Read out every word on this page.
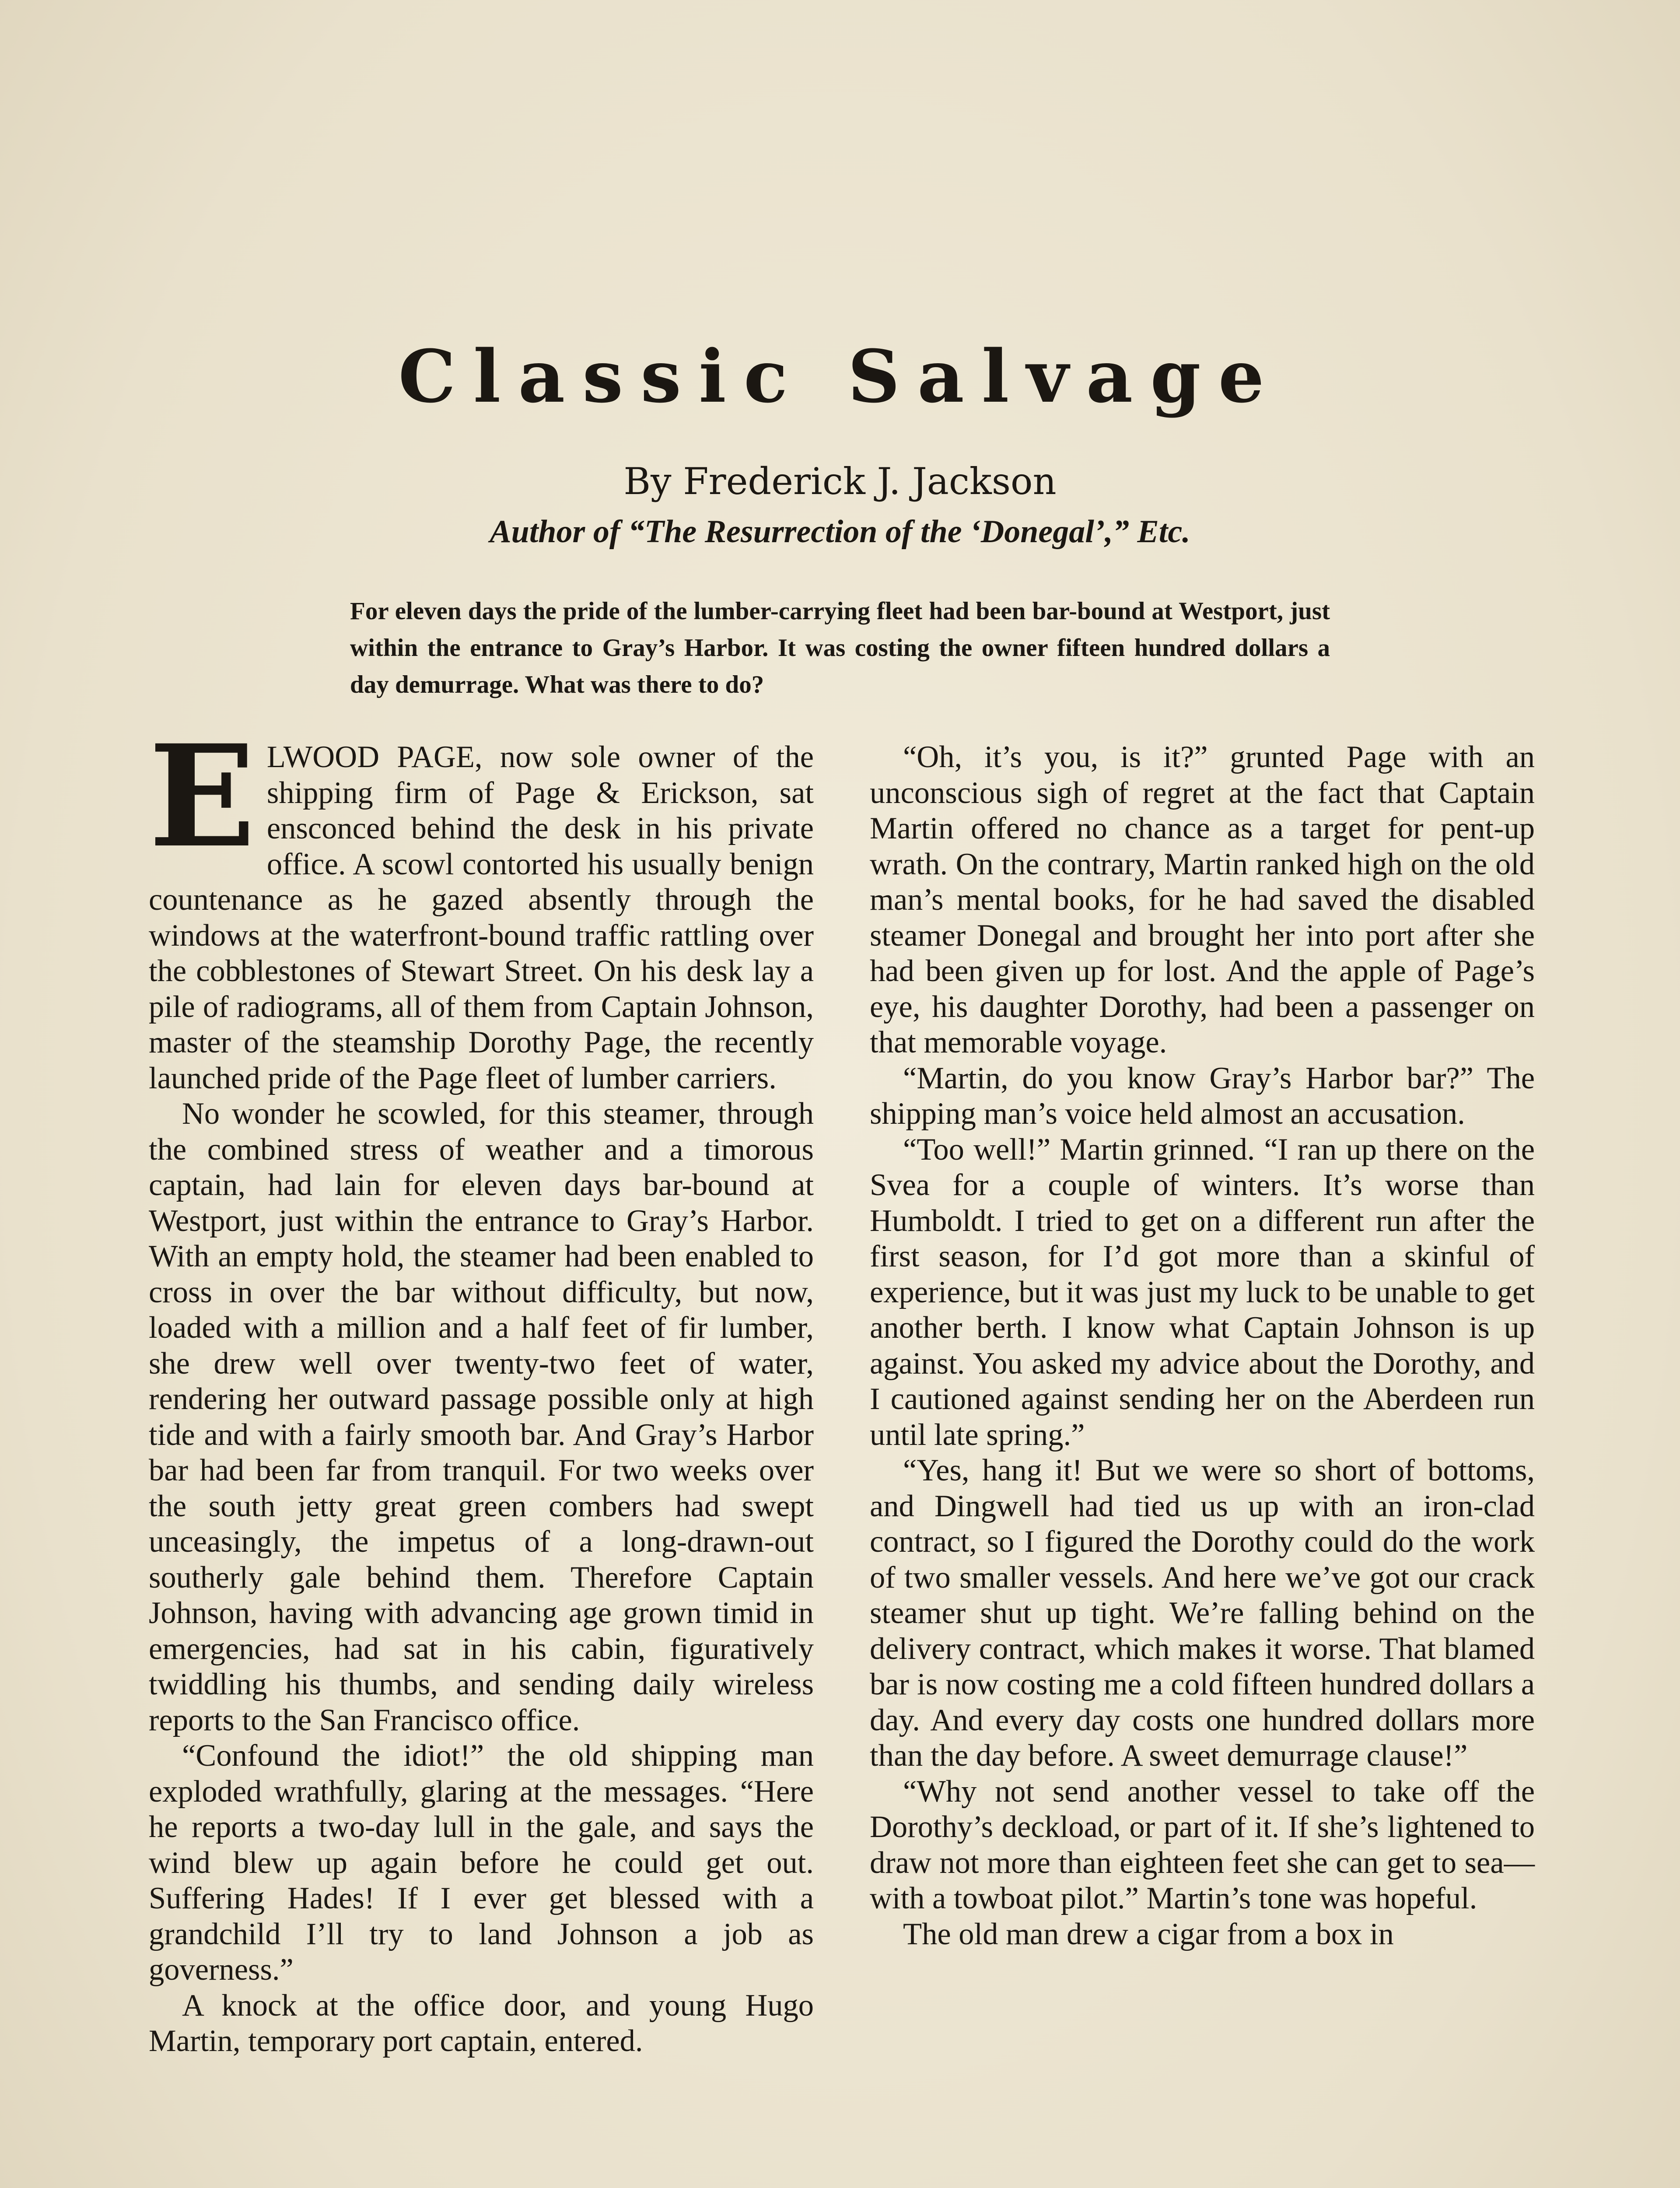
Classic Salvage
By Frederick J. Jackson
Author of “The Resurrection of the ‘Donegal’,” Etc.
For eleven days the pride of the lumber-carrying fleet had been bar-bound at Westport, just within the entrance to Gray’s Harbor. It was costing the owner fifteen hundred dollars a day demurrage. What was there to do?

E LWOOD PAGE, now sole owner of the shipping firm of Page & Erickson, sat ensconced behind the desk in his private office. A scowl contorted his usually benign countenance as he gazed absently through the windows at the waterfront-bound traffic rattling over the cobblestones of Stewart Street. On his desk lay a pile of radiograms, all of them from Captain Johnson, master of the steamship Dorothy Page, the recently launched pride of the Page fleet of lumber carriers.

No wonder he scowled, for this steamer, through the combined stress of weather and a timorous captain, had lain for eleven days bar-bound at Westport, just within the entrance to Gray’s Harbor. With an empty hold, the steamer had been enabled to cross in over the bar without difficulty, but now, loaded with a million and a half feet of fir lumber, she drew well over twenty-two feet of water, rendering her outward passage possible only at high tide and with a fairly smooth bar. And Gray’s Harbor bar had been far from tranquil. For two weeks over the south jetty great green combers had swept unceasingly, the impetus of a long-drawn-out southerly gale behind them. Therefore Captain Johnson, having with advancing age grown timid in emergencies, had sat in his cabin, figuratively twiddling his thumbs, and sending daily wireless reports to the San Francisco office.

“Confound the idiot!” the old shipping man exploded wrathfully, glaring at the messages. “Here he reports a two-day lull in the gale, and says the wind blew up again before he could get out. Suffering Hades! If I ever get blessed with a grandchild I’ll try to land Johnson a job as governess.”

A knock at the office door, and young Hugo Martin, temporary port captain, entered.

“Oh, it’s you, is it?” grunted Page with an unconscious sigh of regret at the fact that Captain Martin offered no chance as a target for pent-up wrath. On the contrary, Martin ranked high on the old man’s mental books, for he had saved the disabled steamer Donegal and brought her into port after she had been given up for lost. And the apple of Page’s eye, his daughter Dorothy, had been a passenger on that memorable voyage.

“Martin, do you know Gray’s Harbor bar?” The shipping man’s voice held almost an accusation.

“Too well!” Martin grinned. “I ran up there on the Svea for a couple of winters. It’s worse than Humboldt. I tried to get on a different run after the first season, for I’d got more than a skinful of experience, but it was just my luck to be unable to get another berth. I know what Captain Johnson is up against. You asked my advice about the Dorothy, and I cautioned against sending her on the Aberdeen run until late spring.”

“Yes, hang it! But we were so short of bottoms, and Dingwell had tied us up with an iron-clad contract, so I figured the Dorothy could do the work of two smaller vessels. And here we’ve got our crack steamer shut up tight. We’re falling behind on the delivery contract, which makes it worse. That blamed bar is now costing me a cold fifteen hundred dollars a day. And every day costs one hundred dollars more than the day before. A sweet demurrage clause!”

“Why not send another vessel to take off the Dorothy’s deckload, or part of it. If she’s lightened to draw not more than eighteen feet she can get to sea—with a towboat pilot.” Martin’s tone was hopeful.

The old man drew a cigar from a box in
